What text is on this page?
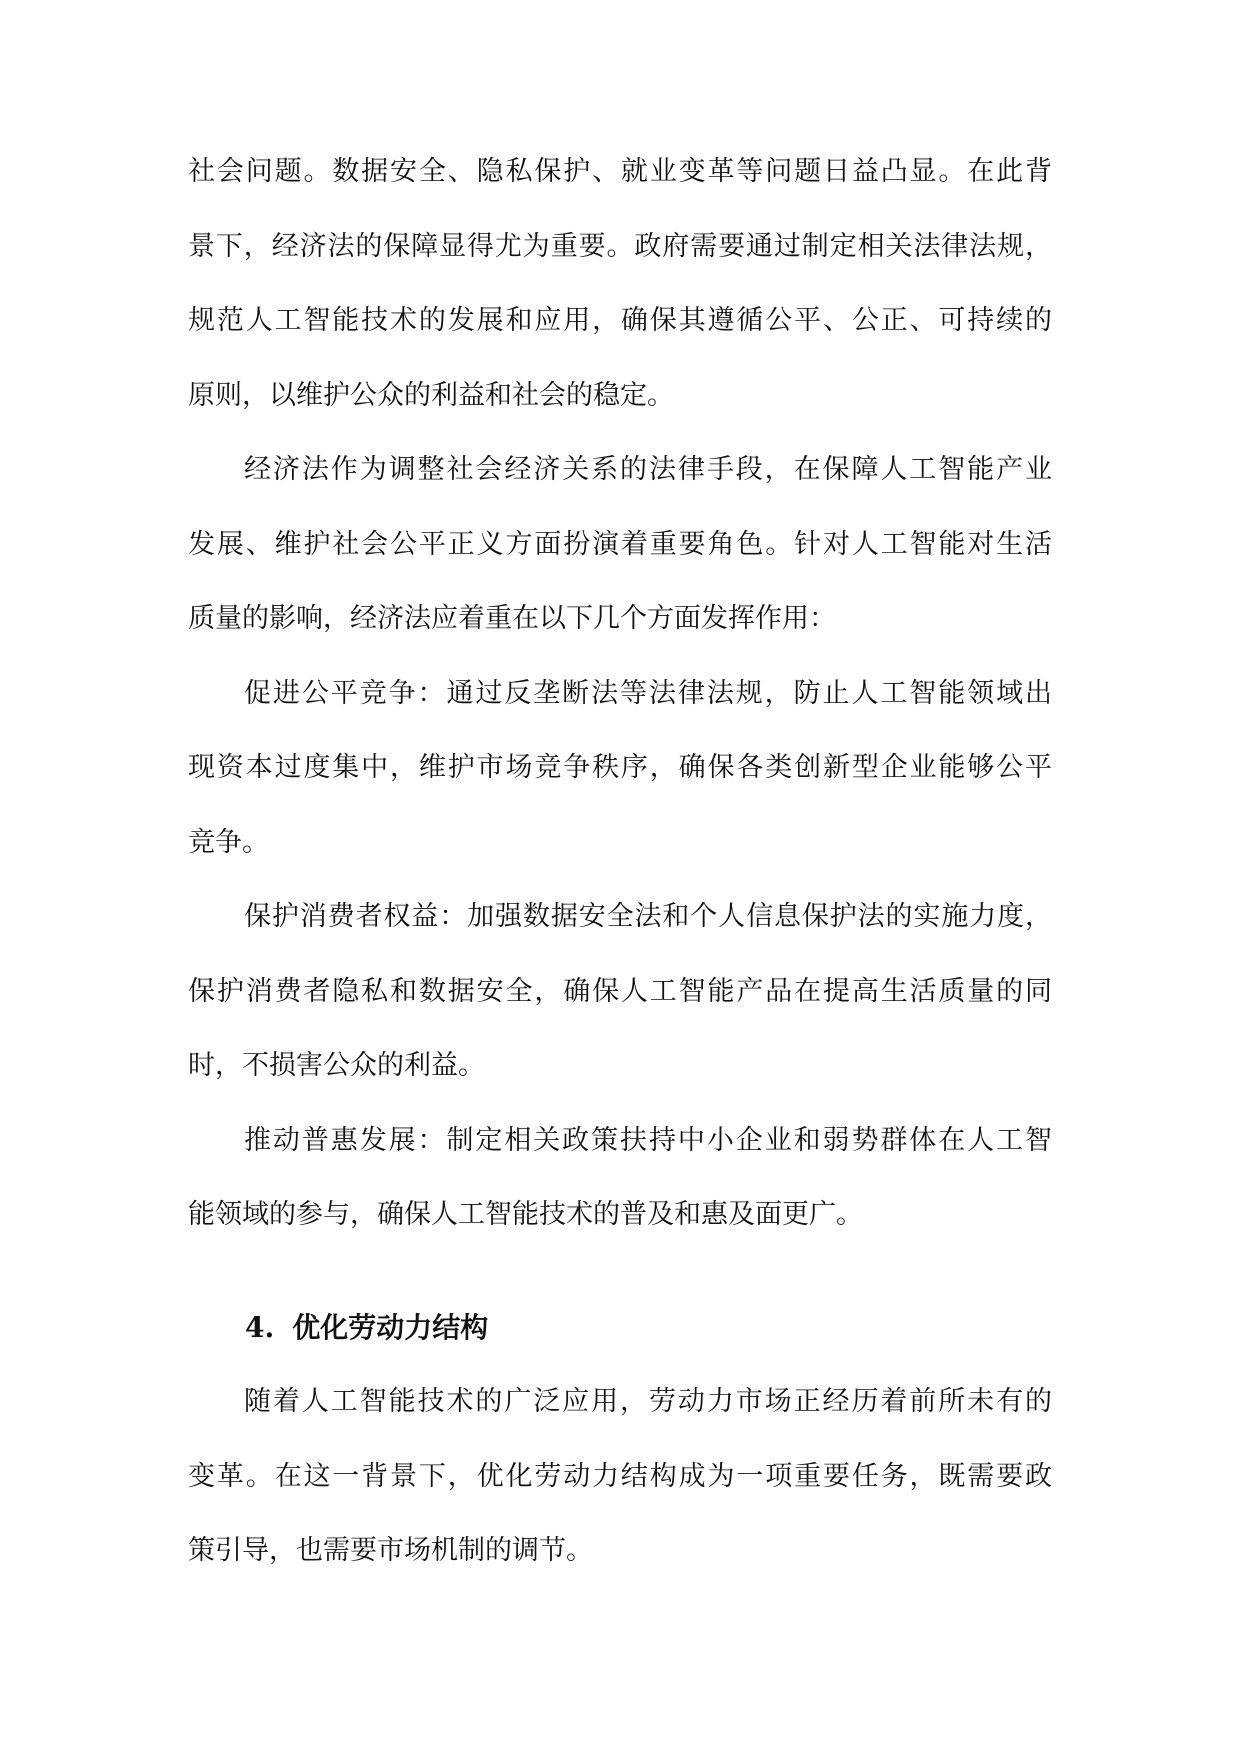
社会问题。数据安全、隐私保护、就业变革等问题日益凸显。在此背
景下，经济法的保障显得尤为重要。政府需要通过制定相关法律法规，
规范人工智能技术的发展和应用，确保其遵循公平、公正、可持续的
原则，以维护公众的利益和社会的稳定。
经济法作为调整社会经济关系的法律手段，在保障人工智能产业
发展、维护社会公平正义方面扮演着重要角色。针对人工智能对生活
质量的影响，经济法应着重在以下几个方面发挥作用：
促进公平竞争：通过反垄断法等法律法规，防止人工智能领域出
现资本过度集中，维护市场竞争秩序，确保各类创新型企业能够公平
竞争。
保护消费者权益：加强数据安全法和个人信息保护法的实施力度，
保护消费者隐私和数据安全，确保人工智能产品在提高生活质量的同
时，不损害公众的利益。
推动普惠发展：制定相关政策扶持中小企业和弱势群体在人工智
能领域的参与，确保人工智能技术的普及和惠及面更广。
4. 优化劳动力结构
随着人工智能技术的广泛应用，劳动力市场正经历着前所未有的
变革。在这一背景下，优化劳动力结构成为一项重要任务，既需要政
策引导，也需要市场机制的调节。
